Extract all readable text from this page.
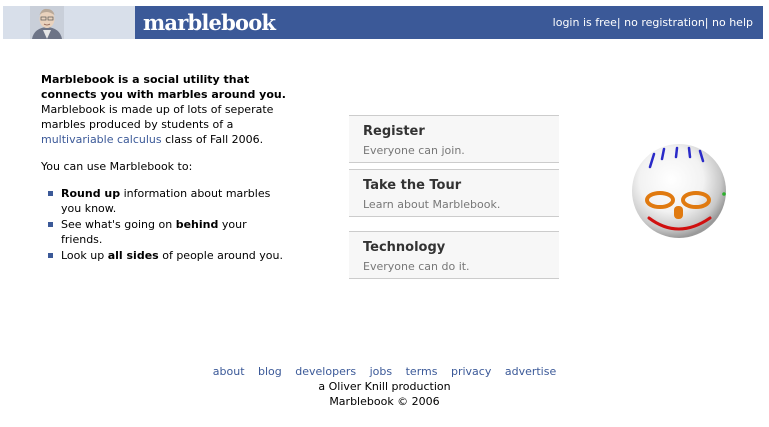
marblebook	login is free| no registration| no help
Marblebook is a social utility that connects you with marbles around you.
Marblebook is made up of lots of seperate marbles produced by students of a multivariable calculus class of Fall 2006.
You can use Marblebook to:
Round up information about marbles you know.
See what's going on behind your friends.
Look up all sides of people around you.
Register
Everyone can join.
Take the Tour
Learn about Marblebook.
Technology
Everyone can do it.
about blog developers jobs terms privacy advertise
a Oliver Knill production
Marblebook © 2006
